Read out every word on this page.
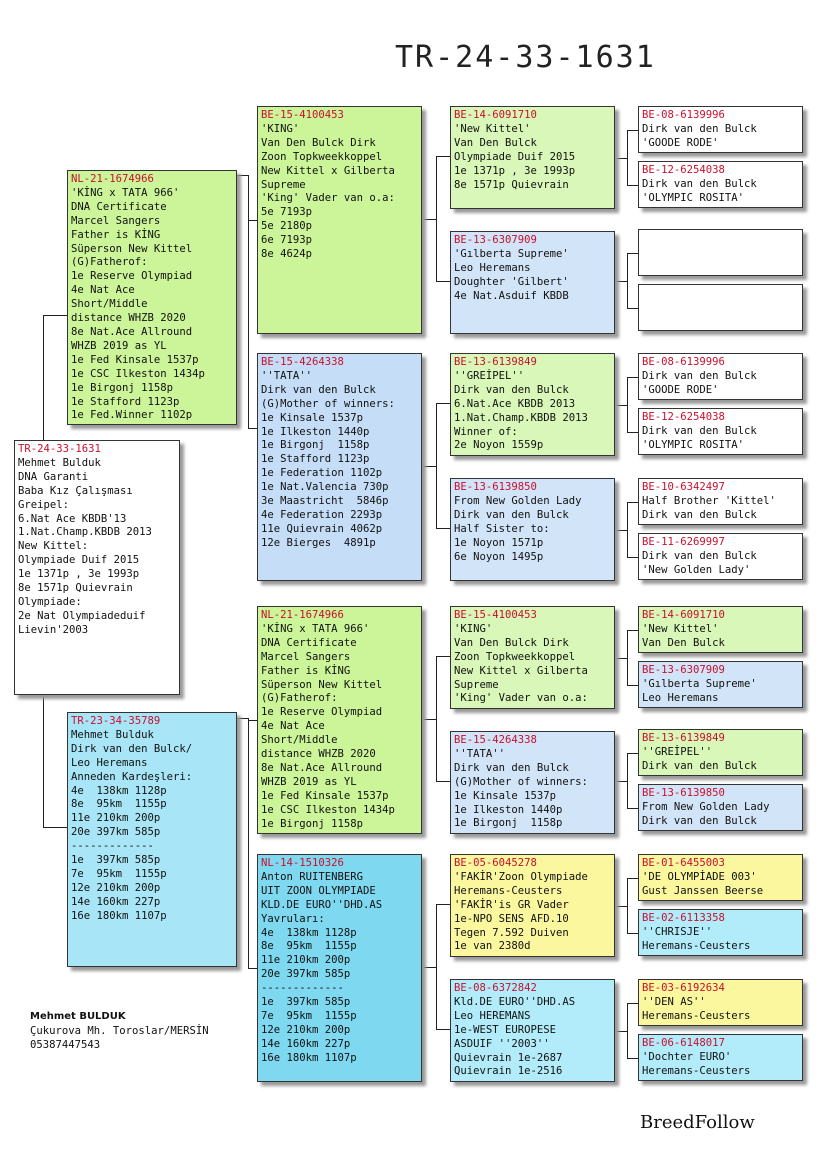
TR-24-33-1631
TR-24-33-1631
Mehmet Bulduk
DNA Garanti
Baba Kız Çalışması
Greipel:
6.Nat Ace KBDB'13
1.Nat.Champ.KBDB 2013
New Kittel:
Olympiade Duif 2015
1e 1371p , 3e 1993p
8e 1571p Quievrain
Olympiade:
2e Nat Olympiadeduif
Lievin'2003
NL-21-1674966
'KİNG x TATA 966'
DNA Certificate
Marcel Sangers
Father is KİNG
Süperson New Kittel
(G)Fatherof:
1e Reserve Olympiad
4e Nat Ace
Short/Middle
distance WHZB 2020
8e Nat.Ace Allround
WHZB 2019 as YL
1e Fed Kinsale 1537p
1e CSC Ilkeston 1434p
1e Birgonj 1158p
1e Stafford 1123p
1e Fed.Winner 1102p
TR-23-34-35789
Mehmet Bulduk
Dirk van den Bulck/
Leo Heremans
Anneden Kardeşleri:
4e  138km 1128p
8e  95km  1155p
11e 210km 200p
20e 397km 585p
-------------
1e  397km 585p
7e  95km  1155p
12e 210km 200p
14e 160km 227p
16e 180km 1107p
BE-15-4100453
'KING'
Van Den Bulck Dirk
Zoon Topkweekkoppel
New Kittel x Gilberta
Supreme
'King' Vader van o.a:
5e 7193p
5e 2180p
6e 7193p
8e 4624p
BE-15-4264338
''TATA''
Dirk van den Bulck
(G)Mother of winners:
1e Kinsale 1537p
1e Ilkeston 1440p
1e Birgonj  1158p
1e Stafford 1123p
1e Federation 1102p
1e Nat.Valencia 730p
3e Maastricht  5846p
4e Federation 2293p
11e Quievrain 4062p
12e Bierges  4891p
NL-21-1674966
'KİNG x TATA 966'
DNA Certificate
Marcel Sangers
Father is KİNG
Süperson New Kittel
(G)Fatherof:
1e Reserve Olympiad
4e Nat Ace
Short/Middle
distance WHZB 2020
8e Nat.Ace Allround
WHZB 2019 as YL
1e Fed Kinsale 1537p
1e CSC Ilkeston 1434p
1e Birgonj 1158p
NL-14-1510326
Anton RUITENBERG
UIT ZOON OLYMPIADE
KLD.DE EURO''DHD.AS
Yavruları:
4e  138km 1128p
8e  95km  1155p
11e 210km 200p
20e 397km 585p
-------------
1e  397km 585p
7e  95km  1155p
12e 210km 200p
14e 160km 227p
16e 180km 1107p
BE-14-6091710
'New Kittel'
Van Den Bulck
Olympiade Duif 2015
1e 1371p , 3e 1993p
8e 1571p Quievrain
BE-13-6307909
'Gılberta Supreme'
Leo Heremans
Doughter 'Gilbert'
4e Nat.Asduif KBDB
BE-13-6139849
''GREİPEL''
Dirk van den Bulck
6.Nat.Ace KBDB 2013
1.Nat.Champ.KBDB 2013
Winner of:
2e Noyon 1559p
BE-13-6139850
From New Golden Lady
Dirk van den Bulck
Half Sister to:
1e Noyon 1571p
6e Noyon 1495p
BE-15-4100453
'KING'
Van Den Bulck Dirk
Zoon Topkweekkoppel
New Kittel x Gilberta
Supreme
'King' Vader van o.a:
BE-15-4264338
''TATA''
Dirk van den Bulck
(G)Mother of winners:
1e Kinsale 1537p
1e Ilkeston 1440p
1e Birgonj  1158p
BE-05-6045278
'FAKİR'Zoon Olympiade
Heremans-Ceusters
'FAKİR'is GR Vader
1e-NPO SENS AFD.10
Tegen 7.592 Duiven
1e van 2380d
BE-08-6372842
Kld.DE EURO''DHD.AS
Leo HEREMANS
1e-WEST EUROPESE
ASDUIF ''2003''
Quievrain 1e-2687
Quievrain 1e-2516
BE-08-6139996
Dirk van den Bulck
'GOODE RODE'
BE-12-6254038
Dirk van den Bulck
'OLYMPIC ROSITA'
BE-08-6139996
Dirk van den Bulck
'GOODE RODE'
BE-12-6254038
Dirk van den Bulck
'OLYMPIC ROSITA'
BE-10-6342497
Half Brother 'Kittel'
Dirk van den Bulck
BE-11-6269997
Dirk van den Bulck
'New Golden Lady'
BE-14-6091710
'New Kittel'
Van Den Bulck
BE-13-6307909
'Gılberta Supreme'
Leo Heremans
BE-13-6139849
''GREİPEL''
Dirk van den Bulck
BE-13-6139850
From New Golden Lady
Dirk van den Bulck
BE-01-6455003
'DE OLYMPİADE 003'
Gust Janssen Beerse
BE-02-6113358
''CHRISJE''
Heremans-Ceusters
BE-03-6192634
''DEN AS''
Heremans-Ceusters
BE-06-6148017
'Dochter EURO'
Heremans-Ceusters
Mehmet BULDUK
Çukurova Mh. Toroslar/MERSİN
05387447543
BreedFollow
